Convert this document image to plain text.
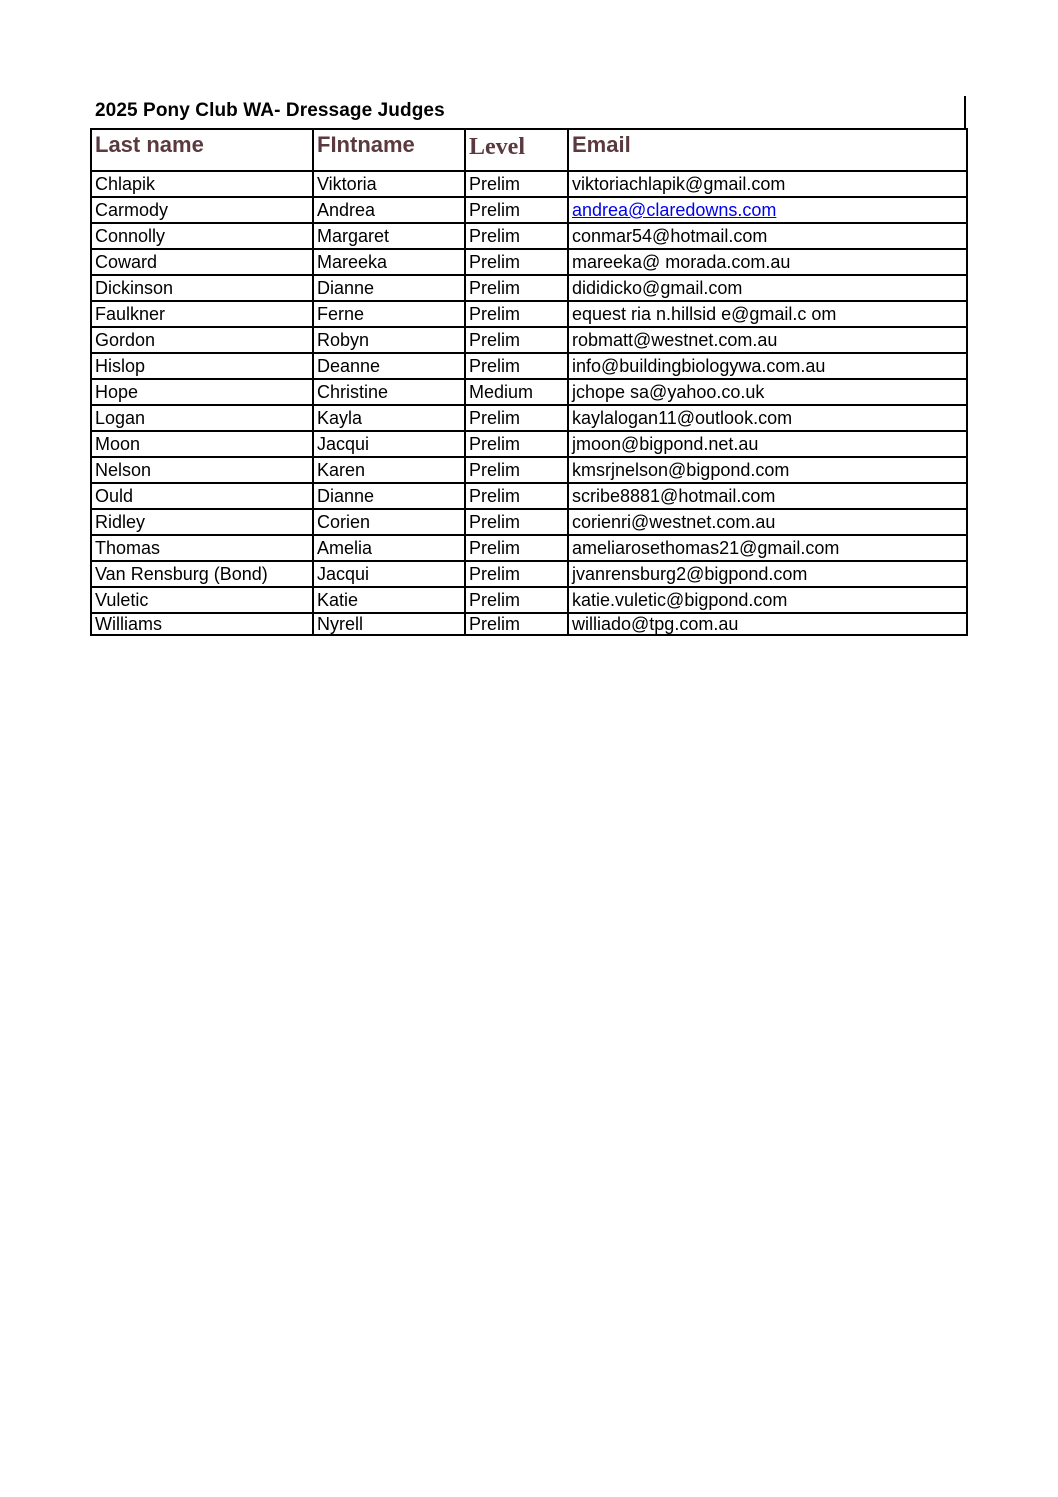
2025 Pony Club WA- Dressage Judges
Last name	FIntname	Level	Email
Chlapik	Viktoria	Prelim	viktoriachlapik@gmail.com
Carmody	Andrea	Prelim	andrea@claredowns.com
Connolly	Margaret	Prelim	conmar54@hotmail.com
Coward	Mareeka	Prelim	mareeka@ morada.com.au
Dickinson	Dianne	Prelim	dididicko@gmail.com
Faulkner	Ferne	Prelim	equest ria n.hillsid e@gmail.c om
Gordon	Robyn	Prelim	robmatt@westnet.com.au
Hislop	Deanne	Prelim	info@buildingbiologywa.com.au
Hope	Christine	Medium	jchope sa@yahoo.co.uk
Logan	Kayla	Prelim	kaylalogan11@outlook.com
Moon	Jacqui	Prelim	jmoon@bigpond.net.au
Nelson	Karen	Prelim	kmsrjnelson@bigpond.com
Ould	Dianne	Prelim	scribe8881@hotmail.com
Ridley	Corien	Prelim	corienri@westnet.com.au
Thomas	Amelia	Prelim	ameliarosethomas21@gmail.com
Van Rensburg (Bond)	Jacqui	Prelim	jvanrensburg2@bigpond.com
Vuletic	Katie	Prelim	katie.vuletic@bigpond.com
Williams	Nyrell	Prelim	williado@tpg.com.au
